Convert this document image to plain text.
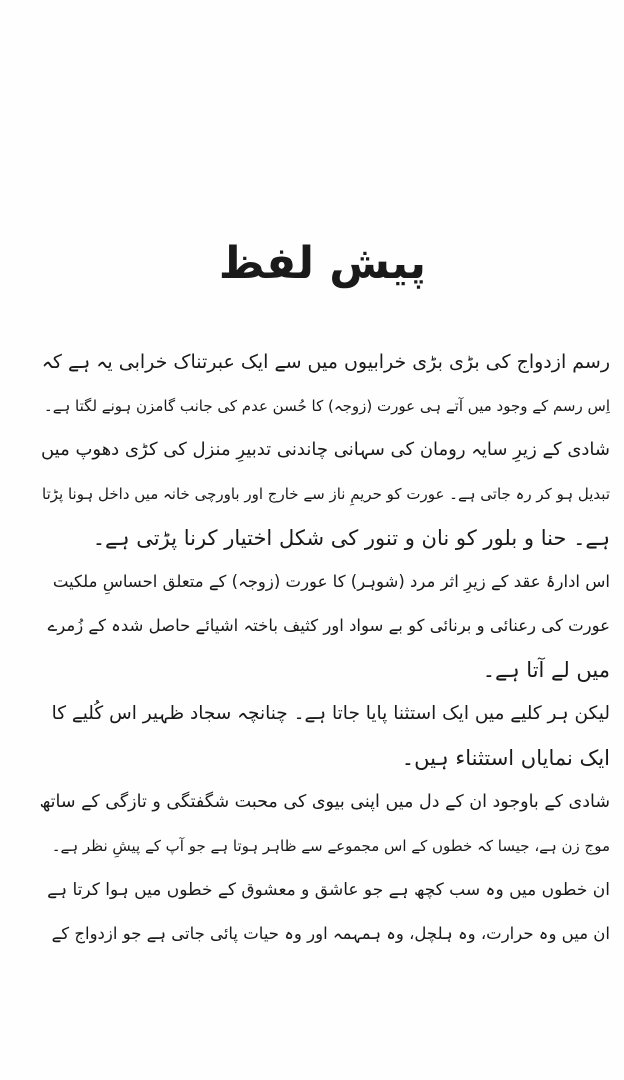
پیش لفظ
رسم ازدواج کی بڑی بڑی خرابیوں میں سے ایک عبرتناک خرابی یہ ہے کہ
اِس رسم کے وجود میں آتے ہی عورت (زوجہ) کا حُسن عدم کی جانب گامزن ہونے لگتا ہے۔
شادی کے زیرِ سایہ رومان کی سہانی چاندنی تدبیرِ منزل کی کڑی دھوپ میں
تبدیل ہو کر رہ جاتی ہے۔ عورت کو حریمِ ناز سے خارج اور باورچی خانہ میں داخل ہونا پڑتا
ہے۔ حنا و بلور کو نان و تنور کی شکل اختیار کرنا پڑتی ہے۔
اس ادارۂ عقد کے زیرِ اثر مرد (شوہر) کا عورت (زوجہ) کے متعلق احساسِ ملکیت
عورت کی رعنائی و برنائی کو بے سواد اور کثیف باختہ اشیائے حاصل شدہ کے زُمرے
میں لے آتا ہے۔
لیکن ہر کلیے میں ایک استثنا پایا جاتا ہے۔ چنانچہ سجاد ظہیر اس کُلیے کا
ایک نمایاں استثناء ہیں۔
شادی کے باوجود ان کے دل میں اپنی بیوی کی محبت شگفتگی و تازگی کے ساتھ
موج زن ہے، جیسا کہ خطوں کے اس مجموعے سے ظاہر ہوتا ہے جو آپ کے پیشِ نظر ہے۔
ان خطوں میں وہ سب کچھ ہے جو عاشق و معشوق کے خطوں میں ہوا کرتا ہے
ان میں وہ حرارت، وہ ہلچل، وہ ہمہمہ اور وہ حیات پائی جاتی ہے جو ازدواج کے
